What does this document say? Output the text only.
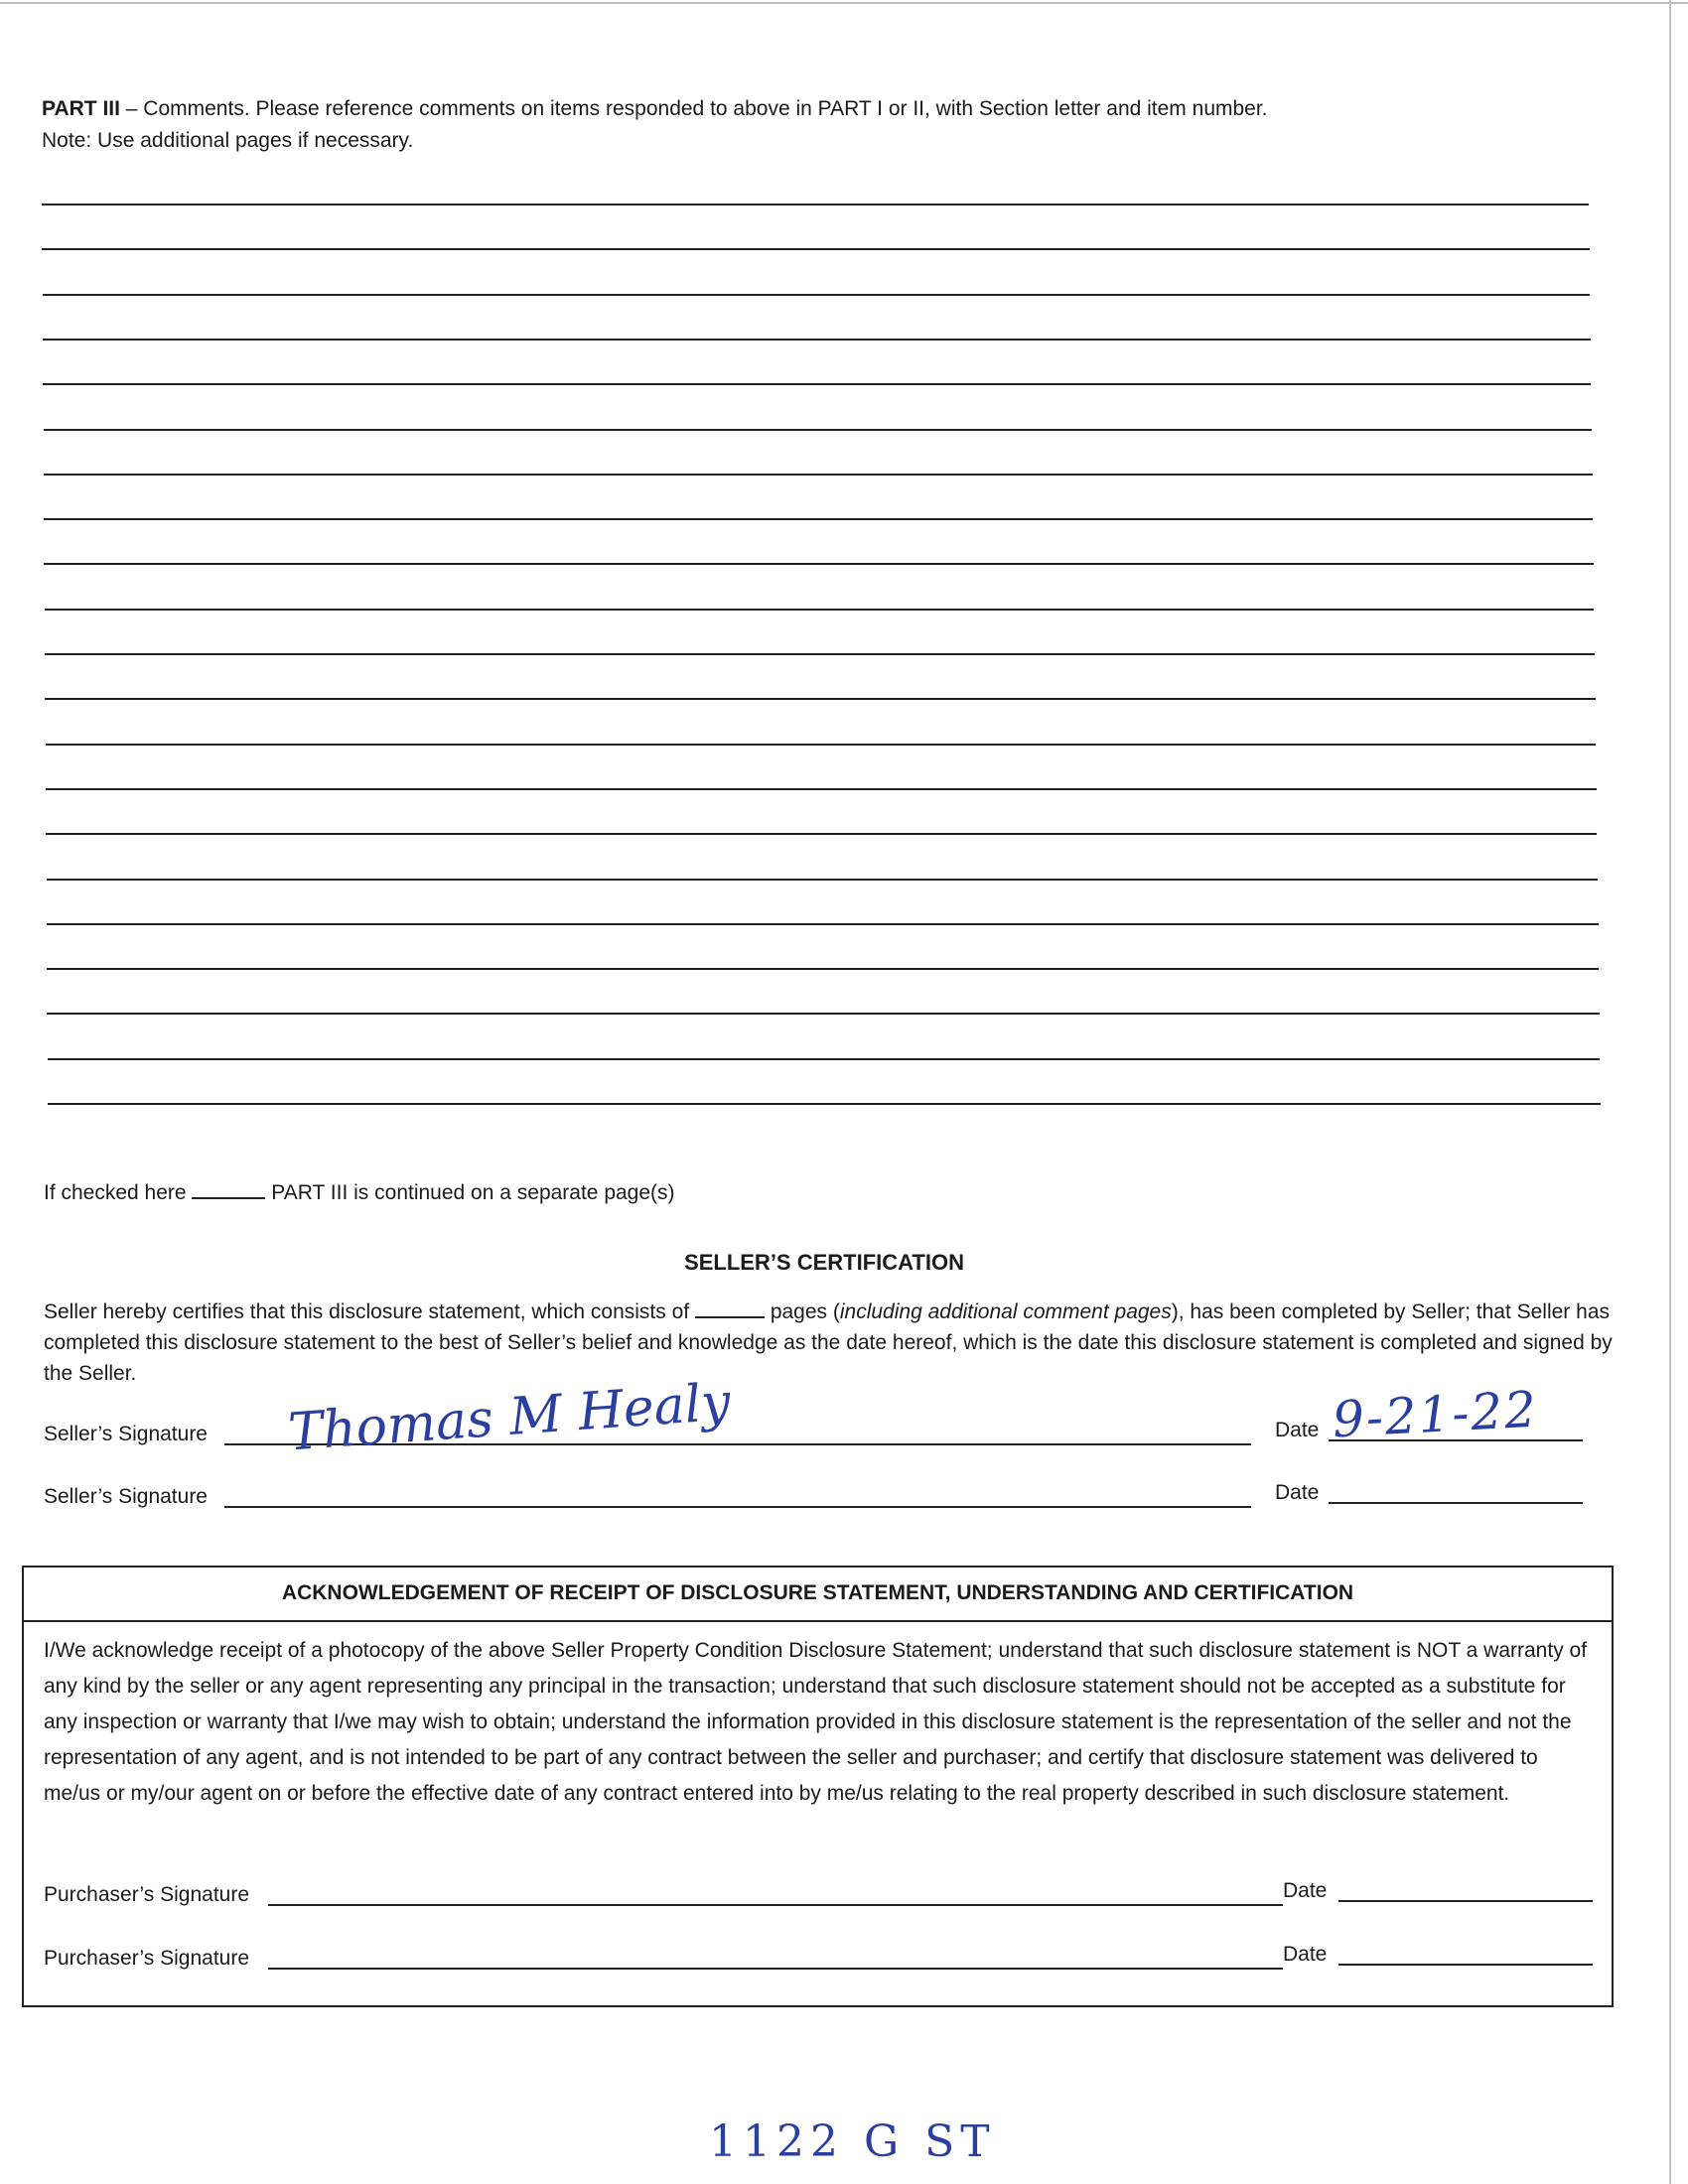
PART III – Comments. Please reference comments on items responded to above in PART I or II, with Section letter and item number.
Note: Use additional pages if necessary.
If checked here	PART III is continued on a separate page(s)
SELLER’S CERTIFICATION
Seller hereby certifies that this disclosure statement, which consists of	pages (including additional comment pages), has been completed by Seller; that Seller has completed this disclosure statement to the best of Seller’s belief and knowledge as the date hereof, which is the date this disclosure statement is completed and signed by the Seller.
Seller’s Signature	Date
Thomas M Healy	9-21-22
Seller’s Signature	Date
ACKNOWLEDGEMENT OF RECEIPT OF DISCLOSURE STATEMENT, UNDERSTANDING AND CERTIFICATION
I/We acknowledge receipt of a photocopy of the above Seller Property Condition Disclosure Statement; understand that such disclosure statement is NOT a warranty of any kind by the seller or any agent representing any principal in the transaction; understand that such disclosure statement should not be accepted as a substitute for any inspection or warranty that I/we may wish to obtain; understand the information provided in this disclosure statement is the representation of the seller and not the representation of any agent, and is not intended to be part of any contract between the seller and purchaser; and certify that disclosure statement was delivered to me/us or my/our agent on or before the effective date of any contract entered into by me/us relating to the real property described in such disclosure statement.
Purchaser’s Signature	Date
Purchaser’s Signature	Date
1122 G ST
